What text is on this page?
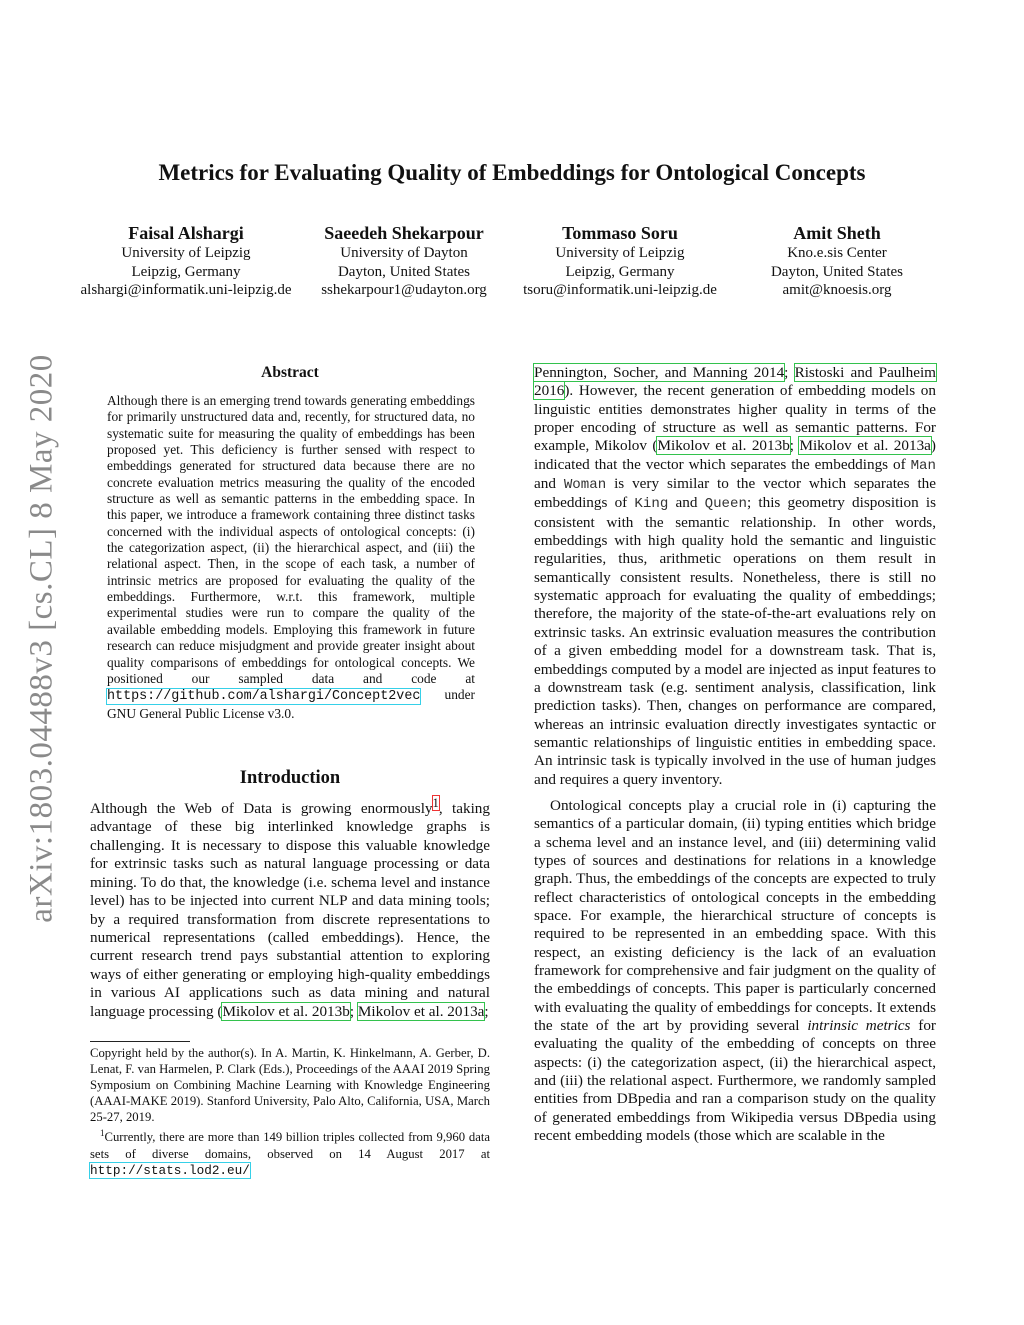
arXiv:1803.04488v3 [cs.CL] 8 May 2020
Metrics for Evaluating Quality of Embeddings for Ontological Concepts
Faisal Alshargi
University of Leipzig
Leipzig, Germany
alshargi@informatik.uni-leipzig.de
Saeedeh Shekarpour
University of Dayton
Dayton, United States
sshekarpour1@udayton.org
Tommaso Soru
University of Leipzig
Leipzig, Germany
tsoru@informatik.uni-leipzig.de
Amit Sheth
Kno.e.sis Center
Dayton, United States
amit@knoesis.org
Abstract
Although there is an emerging trend towards generating embeddings for primarily unstructured data and, recently, for structured data, no systematic suite for measuring the quality of embeddings has been proposed yet. This deficiency is further sensed with respect to embeddings generated for structured data because there are no concrete evaluation metrics measuring the quality of the encoded structure as well as semantic patterns in the embedding space. In this paper, we introduce a framework containing three distinct tasks concerned with the individual aspects of ontological concepts: (i) the categorization aspect, (ii) the hierarchical aspect, and (iii) the relational aspect. Then, in the scope of each task, a number of intrinsic metrics are proposed for evaluating the quality of the embeddings. Furthermore, w.r.t. this framework, multiple experimental studies were run to compare the quality of the available embedding models. Employing this framework in future research can reduce misjudgment and provide greater insight about quality comparisons of embeddings for ontological concepts. We positioned our sampled data and code at https://github.com/alshargi/Concept2vec under GNU General Public License v3.0.
Introduction
Although the Web of Data is growing enormously$^1$, taking advantage of these big interlinked knowledge graphs is challenging. It is necessary to dispose this valuable knowledge for extrinsic tasks such as natural language processing or data mining. To do that, the knowledge (i.e. schema level and instance level) has to be injected into current NLP and data mining tools; by a required transformation from discrete representations to numerical representations (called embeddings). Hence, the current research trend pays substantial attention to exploring ways of either generating or employing high-quality embeddings in various AI applications such as data mining and natural language processing (Mikolov et al. 2013b; Mikolov et al. 2013a;

Copyright held by the author(s). In A. Martin, K. Hinkelmann, A. Gerber, D. Lenat, F. van Harmelen, P. Clark (Eds.), Proceedings of the AAAI 2019 Spring Symposium on Combining Machine Learning with Knowledge Engineering (AAAI-MAKE 2019). Stanford University, Palo Alto, California, USA, March 25-27, 2019.

$^1$Currently, there are more than 149 billion triples collected from 9,960 data sets of diverse domains, observed on 14 August 2017 at http://stats.lod2.eu/

Pennington, Socher, and Manning 2014; Ristoski and Paulheim 2016). However, the recent generation of embedding models on linguistic entities demonstrates higher quality in terms of the proper encoding of structure as well as semantic patterns. For example, Mikolov (Mikolov et al. 2013b; Mikolov et al. 2013a) indicated that the vector which separates the embeddings of Man and Woman is very similar to the vector which separates the embeddings of King and Queen; this geometry disposition is consistent with the semantic relationship. In other words, embeddings with high quality hold the semantic and linguistic regularities, thus, arithmetic operations on them result in semantically consistent results. Nonetheless, there is still no systematic approach for evaluating the quality of embeddings; therefore, the majority of the state-of-the-art evaluations rely on extrinsic tasks. An extrinsic evaluation measures the contribution of a given embedding model for a downstream task. That is, embeddings computed by a model are injected as input features to a downstream task (e.g. sentiment analysis, classification, link prediction tasks). Then, changes on performance are compared, whereas an intrinsic evaluation directly investigates syntactic or semantic relationships of linguistic entities in embedding space. An intrinsic task is typically involved in the use of human judges and requires a query inventory.

Ontological concepts play a crucial role in (i) capturing the semantics of a particular domain, (ii) typing entities which bridge a schema level and an instance level, and (iii) determining valid types of sources and destinations for relations in a knowledge graph. Thus, the embeddings of the concepts are expected to truly reflect characteristics of ontological concepts in the embedding space. For example, the hierarchical structure of concepts is required to be represented in an embedding space. With this respect, an existing deficiency is the lack of an evaluation framework for comprehensive and fair judgment on the quality of the embeddings of concepts. This paper is particularly concerned with evaluating the quality of embeddings for concepts. It extends the state of the art by providing several intrinsic metrics for evaluating the quality of the embedding of concepts on three aspects: (i) the categorization aspect, (ii) the hierarchical aspect, and (iii) the relational aspect. Furthermore, we randomly sampled entities from DBpedia and ran a comparison study on the quality of generated embeddings from Wikipedia versus DBpedia using recent embedding models (those which are scalable in the
